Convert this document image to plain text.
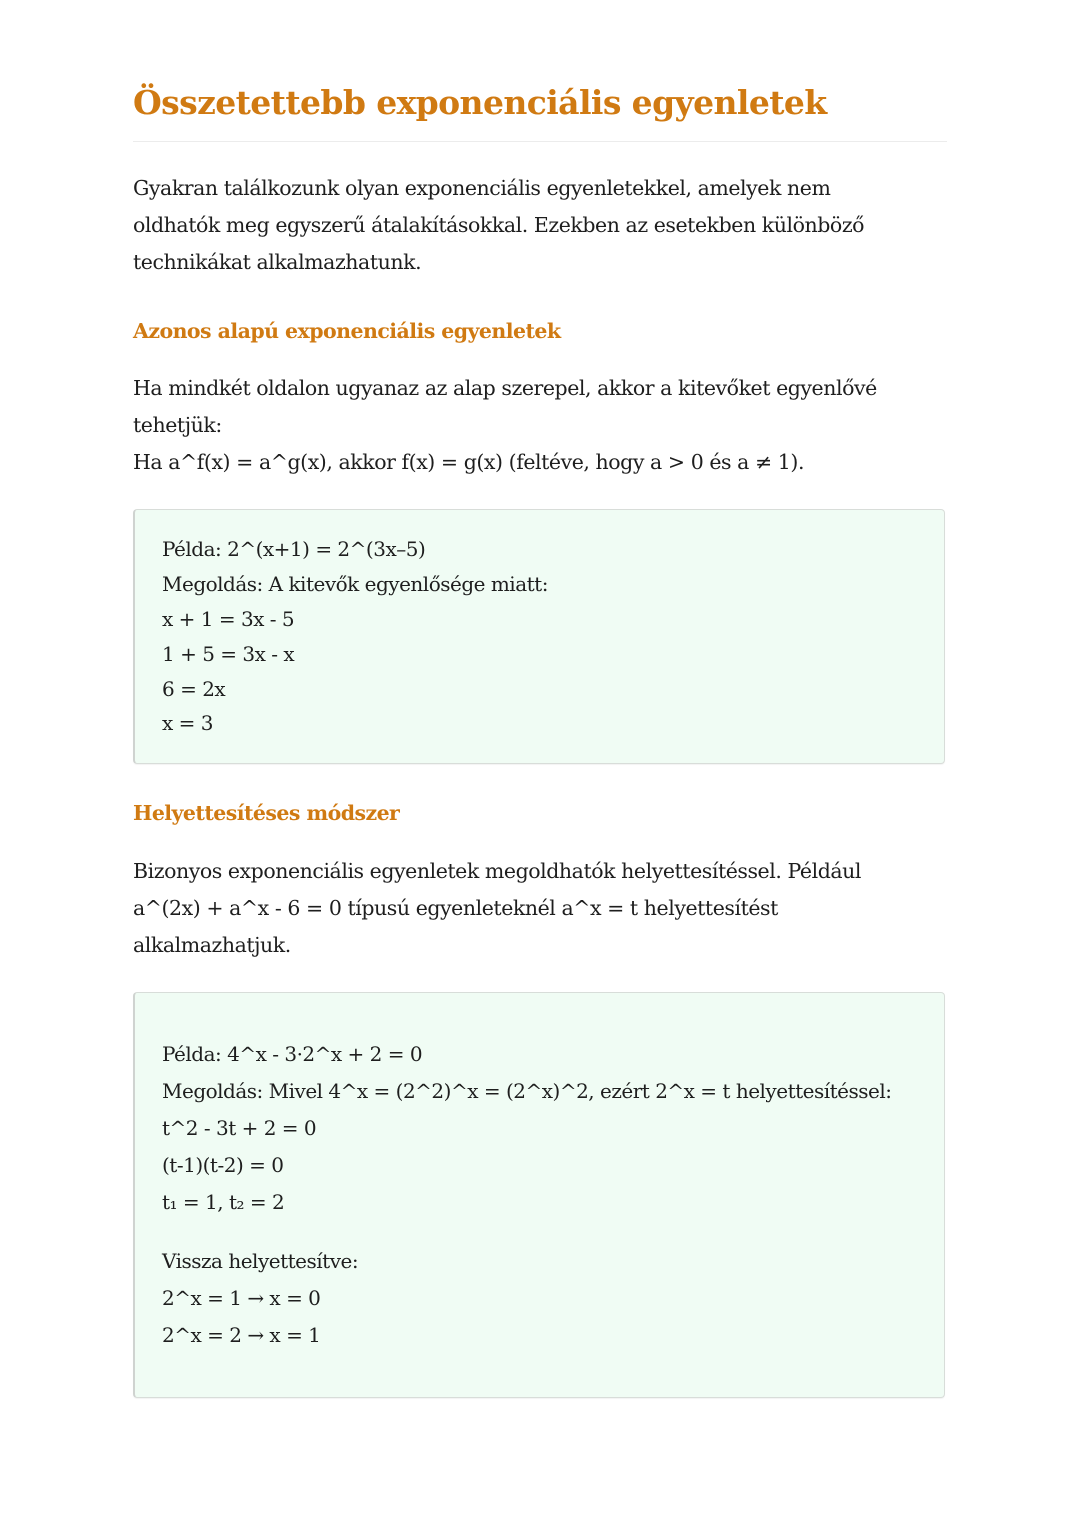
Összetettebb exponenciális egyenletek

Gyakran találkozunk olyan exponenciális egyenletekkel, amelyek nem
oldhatók meg egyszerű átalakításokkal. Ezekben az esetekben különböző
technikákat alkalmazhatunk.

Azonos alapú exponenciális egyenletek

Ha mindkét oldalon ugyanaz az alap szerepel, akkor a kitevőket egyenlővé
tehetjük:
Ha a^f(x) = a^g(x), akkor f(x) = g(x) (feltéve, hogy a > 0 és a ≠ 1).

Példa: 2^(x+1) = 2^(3x–5)
Megoldás: A kitevők egyenlősége miatt:
x + 1 = 3x - 5
1 + 5 = 3x - x
6 = 2x
x = 3
Helyettesítéses módszer

Bizonyos exponenciális egyenletek megoldhatók helyettesítéssel. Például
a^(2x) + a^x - 6 = 0 típusú egyenleteknél a^x = t helyettesítést
alkalmazhatjuk.

Példa: 4^x - 3·2^x + 2 = 0
Megoldás: Mivel 4^x = (2^2)^x = (2^x)^2, ezért 2^x = t helyettesítéssel:
t^2 - 3t + 2 = 0
(t-1)(t-2) = 0
t₁ = 1, t₂ = 2
Vissza helyettesítve:
2^x = 1 → x = 0
2^x = 2 → x = 1
